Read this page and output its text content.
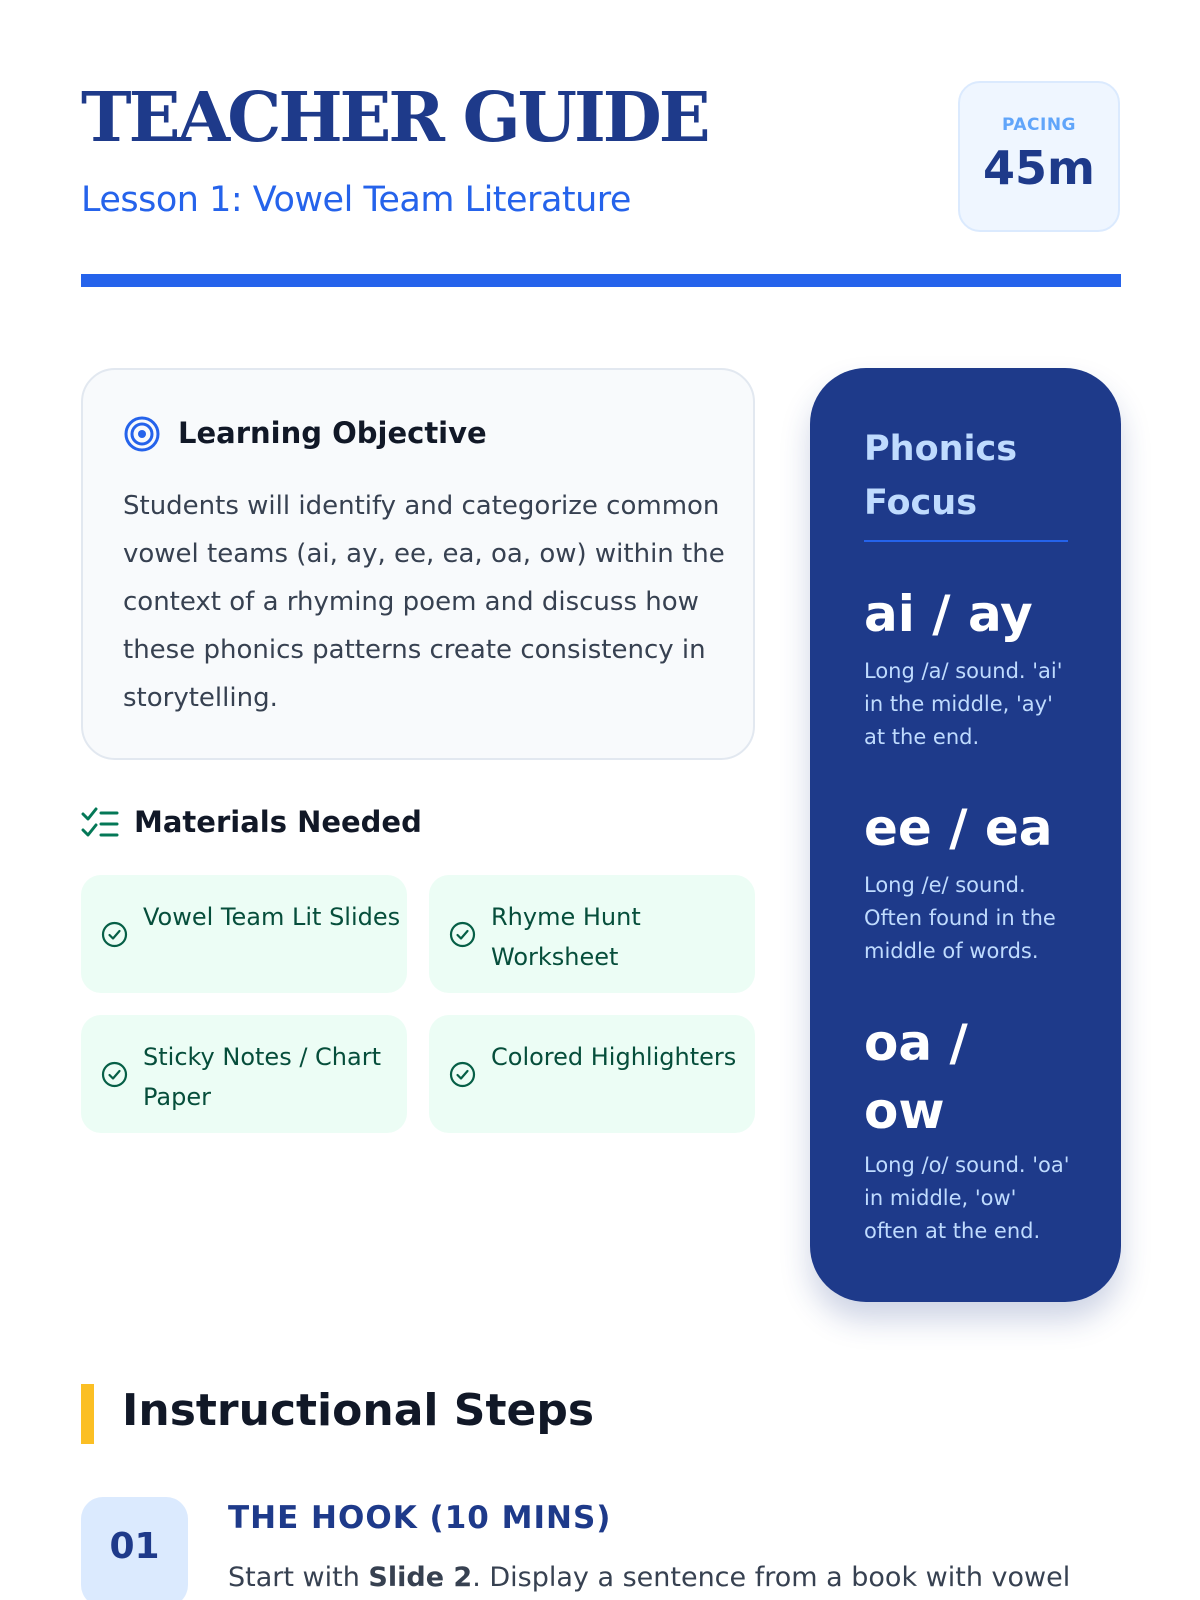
TEACHER GUIDE
Lesson 1: Vowel Team Literature
PACING
45m
Learning Objective
Students will identify and categorize common vowel teams (ai, ay, ee, ea, oa, ow) within the context of a rhyming poem and discuss how these phonics patterns create consistency in storytelling.
Materials Needed
Vowel Team Lit Slides	Rhyme Hunt Worksheet
Sticky Notes / Chart Paper
Colored Highlighters
Phonics Focus
ai / ay
Long /a/ sound. 'ai' in the middle, 'ay' at the end.
ee / ea
Long /e/ sound. Often found in the middle of words.
oa / ow
Long /o/ sound. 'oa' in middle, 'ow' often at the end.
Instructional Steps
01
THE HOOK (10 MINS)
Start with Slide 2. Display a sentence from a book with vowel
